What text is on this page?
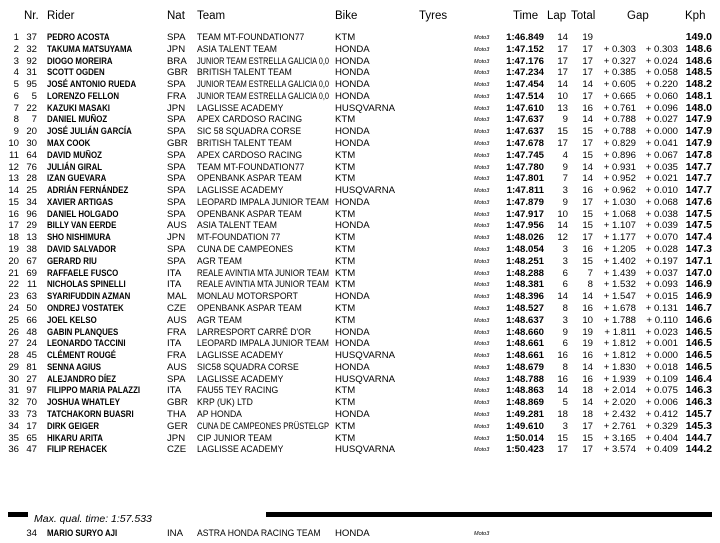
Nr. Rider	Nat Team	Bike	Tyres	Time Lap Total	Gap	Kph
1 37 PEDRO ACOSTA	SPA TEAM MT-FOUNDATION77	KTM	Moto3	1:46.849	14	19	149.0
2 32 TAKUMA MATSUYAMA	JPN ASIA TALENT TEAM	HONDA	Moto3	1:47.152	17	17	+ 0.303	+ 0.303 148.6
3 92 DIOGO MOREIRA	BRA JUNIOR TEAM ESTRELLA GALICIA 0,0 HONDA	Moto3	1:47.176	17	17	+ 0.327	+ 0.024 148.6
4 31 SCOTT OGDEN	GBR BRITISH TALENT TEAM	HONDA	Moto3	1:47.234	17	17	+ 0.385	+ 0.058 148.5
5 95 JOSÉ ANTONIO RUEDA	SPA JUNIOR TEAM ESTRELLA GALICIA 0,0 HONDA	Moto3	1:47.454	14	14	+ 0.605	+ 0.220 148.2
6	5 LORENZO FELLON	FRA JUNIOR TEAM ESTRELLA GALICIA 0,0 HONDA	Moto3	1:47.514	10	17	+ 0.665	+ 0.060 148.1
7 22 KAZUKI MASAKI	JPN LAGLISSE ACADEMY	HUSQVARNA	Moto3	1:47.610	13	16	+ 0.761	+ 0.096 148.0
8	7 DANIEL MUÑOZ	SPA APEX CARDOSO RACING	KTM	Moto3	1:47.637	9	14	+ 0.788	+ 0.027 147.9
9 20 JOSÉ JULIÁN GARCÍA	SPA SIC 58 SQUADRA CORSE	HONDA	Moto3	1:47.637	15	15	+ 0.788	+ 0.000 147.9
10 30 MAX COOK	GBR BRITISH TALENT TEAM	HONDA	Moto3	1:47.678	17	17	+ 0.829	+ 0.041 147.9
11 64 DAVID MUÑOZ	SPA APEX CARDOSO RACING	KTM	Moto3	1:47.745	4	15	+ 0.896	+ 0.067 147.8
12 76 JULIÁN GIRAL	SPA TEAM MT-FOUNDATION77	KTM	Moto3	1:47.780	9	14	+ 0.931	+ 0.035 147.7
13 28 IZAN GUEVARA	SPA OPENBANK ASPAR TEAM	KTM	Moto3	1:47.801	7	14	+ 0.952	+ 0.021 147.7
14 25 ADRIÁN FERNÁNDEZ	SPA LAGLISSE ACADEMY	HUSQVARNA	Moto3	1:47.811	3	16	+ 0.962	+ 0.010 147.7
15 34 XAVIER ARTIGAS	SPA LEOPARD IMPALA JUNIOR TEAM HONDA	Moto3	1:47.879	9	17	+ 1.030	+ 0.068 147.6
16 96 DANIEL HOLGADO	SPA OPENBANK ASPAR TEAM	KTM	Moto3	1:47.917	10	15	+ 1.068	+ 0.038 147.5
17 29 BILLY VAN EERDE	AUS ASIA TALENT TEAM	HONDA	Moto3	1:47.956	14	15	+ 1.107	+ 0.039 147.5
18 13 SHO NISHIMURA	JPN MT-FOUNDATION 77	KTM	Moto3	1:48.026	12	17	+ 1.177	+ 0.070 147.4
19 38 DAVID SALVADOR	SPA CUNA DE CAMPEONES	KTM	Moto3	1:48.054	3	16	+ 1.205	+ 0.028 147.3
20 67 GERARD RIU	SPA AGR TEAM	KTM	Moto3	1:48.251	3	15	+ 1.402	+ 0.197 147.1
21 69 RAFFAELE FUSCO	ITA REALE AVINTIA MTA JUNIOR TEAM KTM	Moto3	1:48.288	6	7	+ 1.439	+ 0.037 147.0
22 11 NICHOLAS SPINELLI	ITA REALE AVINTIA MTA JUNIOR TEAM KTM	Moto3	1:48.381	6	8	+ 1.532	+ 0.093 146.9
23 63 SYARIFUDDIN AZMAN	MAL MONLAU MOTORSPORT	HONDA	Moto3	1:48.396	14	14	+ 1.547	+ 0.015 146.9
24 50 ONDREJ VOSTATEK	CZE OPENBANK ASPAR TEAM	KTM	Moto3	1:48.527	8	16	+ 1.678	+ 0.131 146.7
25 66 JOEL KELSO	AUS AGR TEAM	KTM	Moto3	1:48.637	3	10	+ 1.788	+ 0.110 146.6
26 48 GABIN PLANQUES	FRA LARRESPORT CARRÉ D'OR HONDA	Moto3	1:48.660	9	19	+ 1.811	+ 0.023 146.5
27 24 LEONARDO TACCINI	ITA LEOPARD IMPALA JUNIOR TEAM HONDA	Moto3	1:48.661	6	19	+ 1.812	+ 0.001 146.5
28 45 CLÉMENT ROUGÉ	FRA LAGLISSE ACADEMY	HUSQVARNA	Moto3	1:48.661	16	16	+ 1.812	+ 0.000 146.5
29 81 SENNA AGIUS	AUS SIC58 SQUADRA CORSE	HONDA	Moto3	1:48.679	8	14	+ 1.830	+ 0.018 146.5
30 27 ALEJANDRO DÍEZ	SPA LAGLISSE ACADEMY	HUSQVARNA	Moto3	1:48.788	16	16	+ 1.939	+ 0.109 146.4
31 97 FILIPPO MARIA PALAZZI	ITA FAU55 TEY RACING	KTM	Moto3	1:48.863	14	18	+ 2.014	+ 0.075 146.3
32 70 JOSHUA WHATLEY	GBR KRP (UK) LTD	KTM	Moto3	1:48.869	5	14	+ 2.020	+ 0.006 146.3
33 73 TATCHAKORN BUASRI	THA AP HONDA	HONDA	Moto3	1:49.281	18	18	+ 2.432	+ 0.412 145.7
34 17 DIRK GEIGER	GER CUNA DE CAMPEONES PRÜSTELGP KTM	Moto3	1:49.610	3	17	+ 2.761	+ 0.329 145.3
35 65 HIKARU ARITA	JPN CIP JUNIOR TEAM	KTM	Moto3	1:50.014	15	15	+ 3.165	+ 0.404 144.7
36 47 FILIP REHACEK	CZE LAGLISSE ACADEMY	HUSQVARNA	Moto3	1:50.423	17	17	+ 3.574	+ 0.409 144.2
Max. qual. time: 1:57.533
34 MARIO SURYO AJI	INA ASTRA HONDA RACING TEAM HONDA	Moto3
